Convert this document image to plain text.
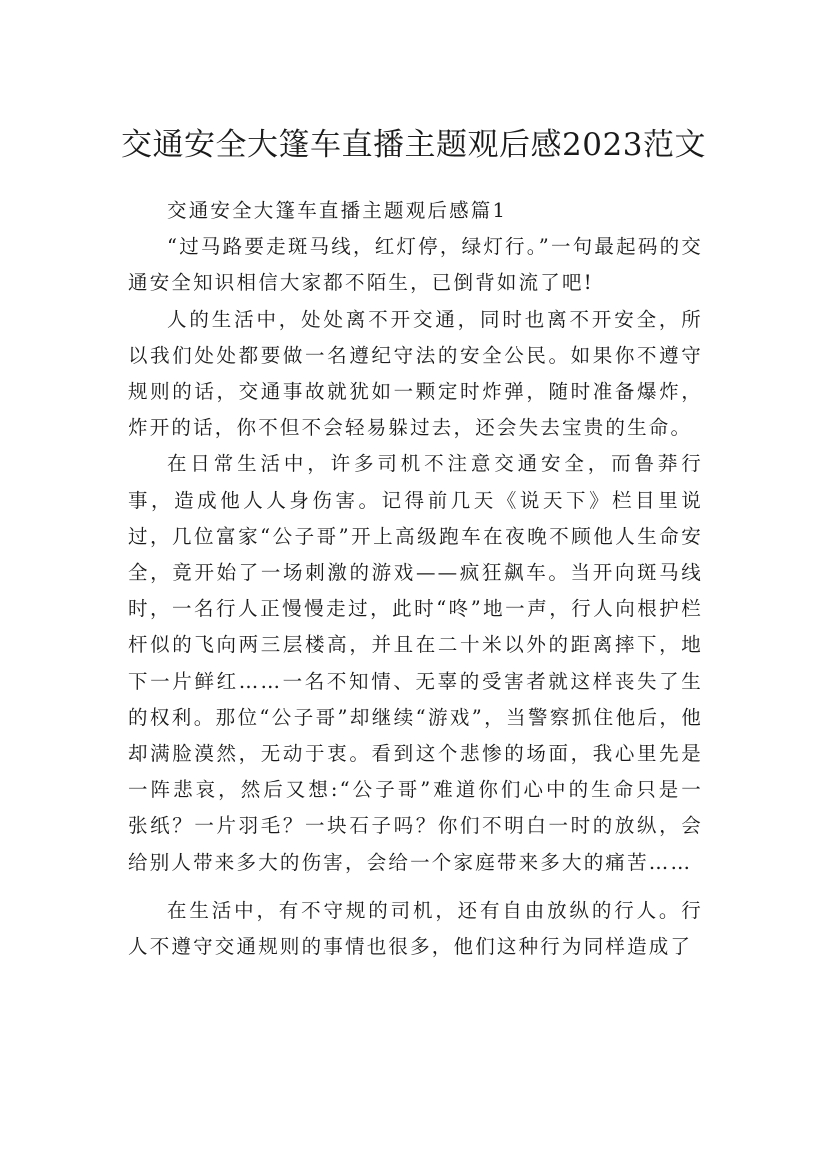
交通安全大篷车直播主题观后感2023范文

交通安全大篷车直播主题观后感篇1

“过马路要走斑马线，红灯停，绿灯行。”一句最起码的交通安全知识相信大家都不陌生，已倒背如流了吧!

人的生活中，处处离不开交通，同时也离不开安全，所以我们处处都要做一名遵纪守法的安全公民。如果你不遵守规则的话，交通事故就犹如一颗定时炸弹，随时准备爆炸，炸开的话，你不但不会轻易躲过去，还会失去宝贵的生命。

在日常生活中，许多司机不注意交通安全，而鲁莽行事，造成他人人身伤害。记得前几天《说天下》栏目里说过，几位富家“公子哥”开上高级跑车在夜晚不顾他人生命安全，竟开始了一场刺激的游戏——疯狂飙车。当开向斑马线时，一名行人正慢慢走过，此时“咚”地一声，行人向根护栏杆似的飞向两三层楼高，并且在二十米以外的距离摔下，地下一片鲜红……一名不知情、无辜的受害者就这样丧失了生的权利。那位“公子哥”却继续“游戏”，当警察抓住他后，他却满脸漠然，无动于衷。看到这个悲惨的场面，我心里先是一阵悲哀，然后又想:“公子哥”难道你们心中的生命只是一张纸？一片羽毛？一块石子吗？你们不明白一时的放纵，会给别人带来多大的伤害，会给一个家庭带来多大的痛苦……

在生活中，有不守规的司机，还有自由放纵的行人。行人不遵守交通规则的事情也很多，他们这种行为同样造成了
